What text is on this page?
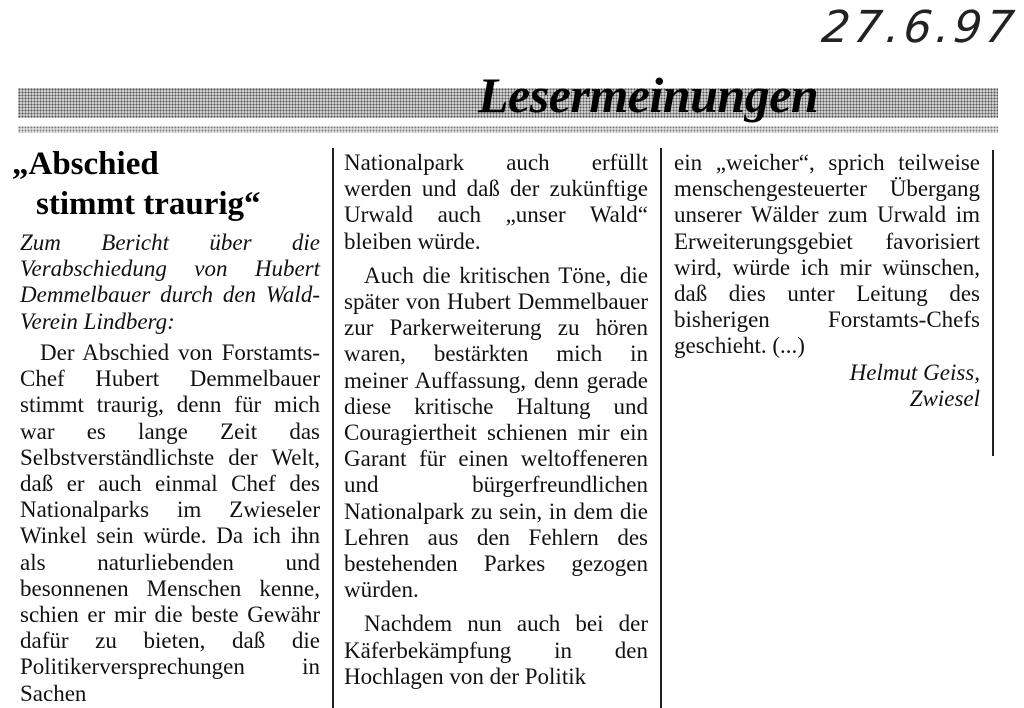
27.6.97
Lesermeinungen
„Abschied
stimmt traurig“
Zum Bericht über die Verabschiedung von Hubert Demmelbauer durch den Wald-Verein Lindberg:

Der Abschied von Forstamts-Chef Hubert Demmelbauer stimmt traurig, denn für mich war es lange Zeit das Selbstverständlichste der Welt, daß er auch einmal Chef des Nationalparks im Zwieseler Winkel sein würde. Da ich ihn als naturliebenden und besonnenen Menschen kenne, schien er mir die beste Gewähr dafür zu bieten, daß die Politikerversprechungen in Sachen

Nationalpark auch erfüllt werden und daß der zukünftige Urwald auch „unser Wald“ bleiben würde.

Auch die kritischen Töne, die später von Hubert Demmelbauer zur Parkerweiterung zu hören waren, bestärkten mich in meiner Auffassung, denn gerade diese kritische Haltung und Couragiertheit schienen mir ein Garant für einen weltoffeneren und bürgerfreundlichen Nationalpark zu sein, in dem die Lehren aus den Fehlern des bestehenden Parkes gezogen würden.

Nachdem nun auch bei der Käferbekämpfung in den Hochlagen von der Politik

ein „weicher“, sprich teilweise menschengesteuerter Übergang unserer Wälder zum Urwald im Erweiterungsgebiet favorisiert wird, würde ich mir wünschen, daß dies unter Leitung des bisherigen Forstamts-Chefs geschieht. (...)

Helmut Geiss,

Zwiesel
